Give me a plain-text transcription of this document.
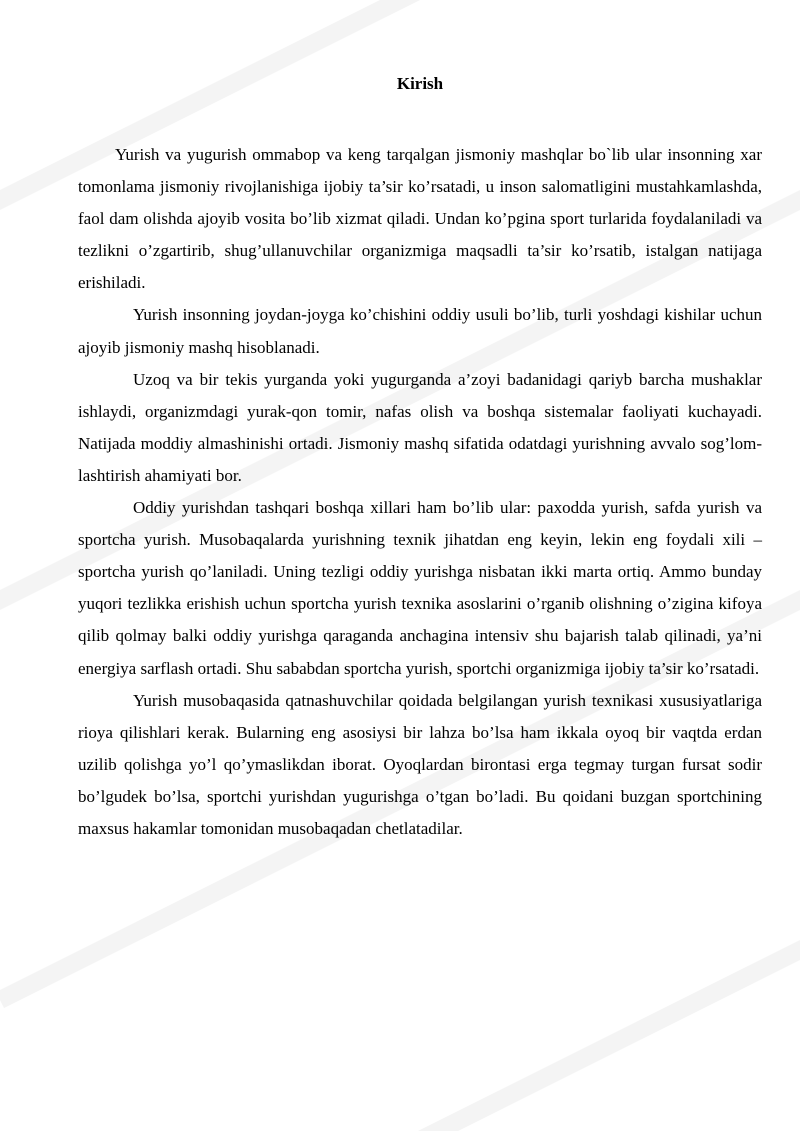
Kirish

Yurish va yugurish ommabop va keng tarqalgan jismoniy mashqlar bo`lib ular insonning xar tomonlama jismoniy rivojlanishiga ijobiy ta’sir ko’rsatadi, u inson salomatligini mustahkamlashda, faol dam olishda ajoyib vosita bo’lib xizmat qiladi. Undan ko’pgina sport turlarida foydalaniladi va tezlikni o’zgartirib, shug’ullanuvchilar organizmiga maqsadli ta’sir ko’rsatib, istalgan natijaga erishiladi.

Yurish insonning joydan-joyga ko’chishini oddiy usuli bo’lib, turli yoshdagi kishilar uchun ajoyib jismoniy mashq hisoblanadi.

Uzoq va bir tekis yurganda yoki yugurganda a’zoyi badanidagi qariyb barcha mushaklar ishlaydi, organizmdagi yurak-qon tomir, nafas olish va boshqa sistemalar faoliyati kuchayadi. Natijada moddiy almashinishi ortadi. Jismoniy mashq sifatida odatdagi yurishning avvalo sog’lom-lashtirish ahamiyati bor.

Oddiy yurishdan tashqari boshqa xillari ham bo’lib ular: paxodda yurish, safda yurish va sportcha yurish. Musobaqalarda yurishning texnik jihatdan eng keyin, lekin eng foydali xili – sportcha yurish qo’laniladi. Uning tezligi oddiy yurishga nisbatan ikki marta ortiq. Ammo bunday yuqori tezlikka erishish uchun sportcha yurish texnika asoslarini o’rganib olishning o’zigina kifoya qilib qolmay balki oddiy yurishga qaraganda anchagina intensiv shu bajarish talab qilinadi, ya’ni energiya sarflash ortadi. Shu sababdan sportcha yurish, sportchi organizmiga ijobiy ta’sir ko’rsatadi.

Yurish musobaqasida qatnashuvchilar qoidada belgilangan yurish texnikasi xususiyatlariga rioya qilishlari kerak. Bularning eng asosiysi bir lahza bo’lsa ham ikkala oyoq bir vaqtda erdan uzilib qolishga yo’l qo’ymaslikdan iborat. Oyoqlardan birontasi erga tegmay turgan fursat sodir bo’lgudek bo’lsa, sportchi yurishdan yugurishga o’tgan bo’ladi. Bu qoidani buzgan sportchining maxsus hakamlar tomonidan musobaqadan chetlatadilar.
